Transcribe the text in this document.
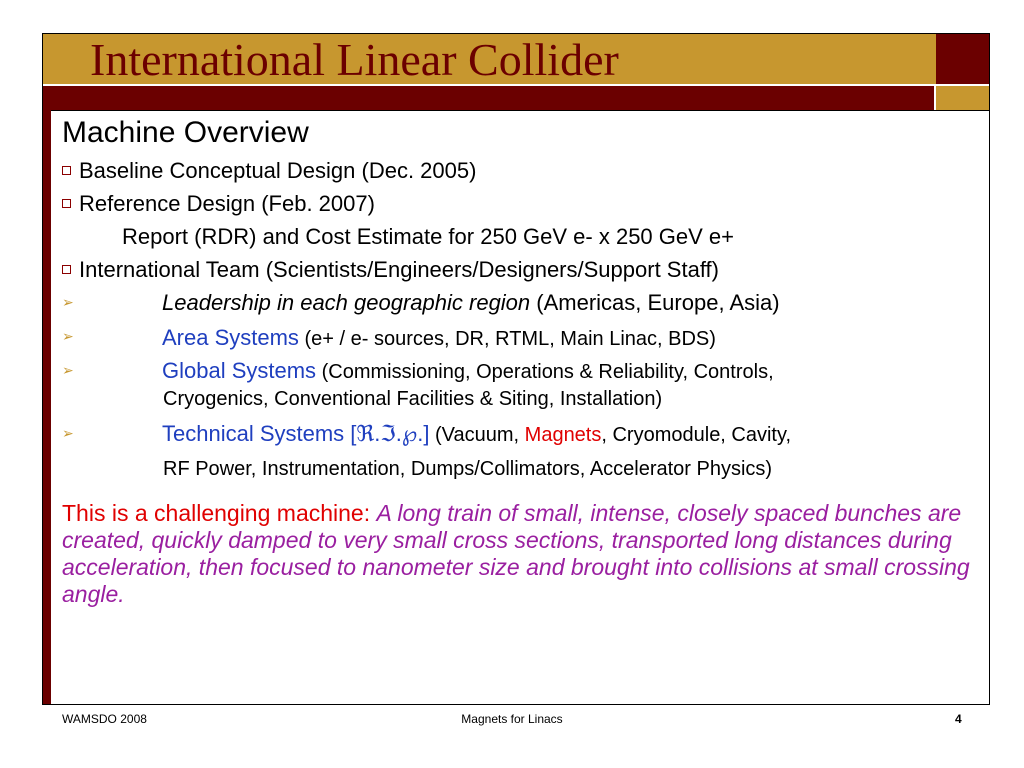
International Linear Collider
Machine Overview
Baseline Conceptual Design (Dec. 2005)
Reference Design (Feb. 2007)
Report (RDR) and Cost Estimate for 250 GeV e- x 250 GeV e+
International Team (Scientists/Engineers/Designers/Support Staff)
➢	Leadership in each geographic region (Americas, Europe, Asia)
➢	Area Systems (e+ / e- sources, DR, RTML, Main Linac, BDS)
➢	Global Systems (Commissioning, Operations & Reliability, Controls,
Cryogenics, Conventional Facilities & Siting, Installation)
➢	Technical Systems [ℜ.ℑ.℘.] (Vacuum, Magnets, Cryomodule, Cavity,
RF Power, Instrumentation, Dumps/Collimators, Accelerator Physics)
This is a challenging machine: A long train of small, intense, closely spaced bunches are created, quickly damped to very small cross sections, transported long distances during acceleration, then focused to nanometer size and brought into collisions at small crossing angle.
WAMSDO 2008	Magnets for Linacs	4
